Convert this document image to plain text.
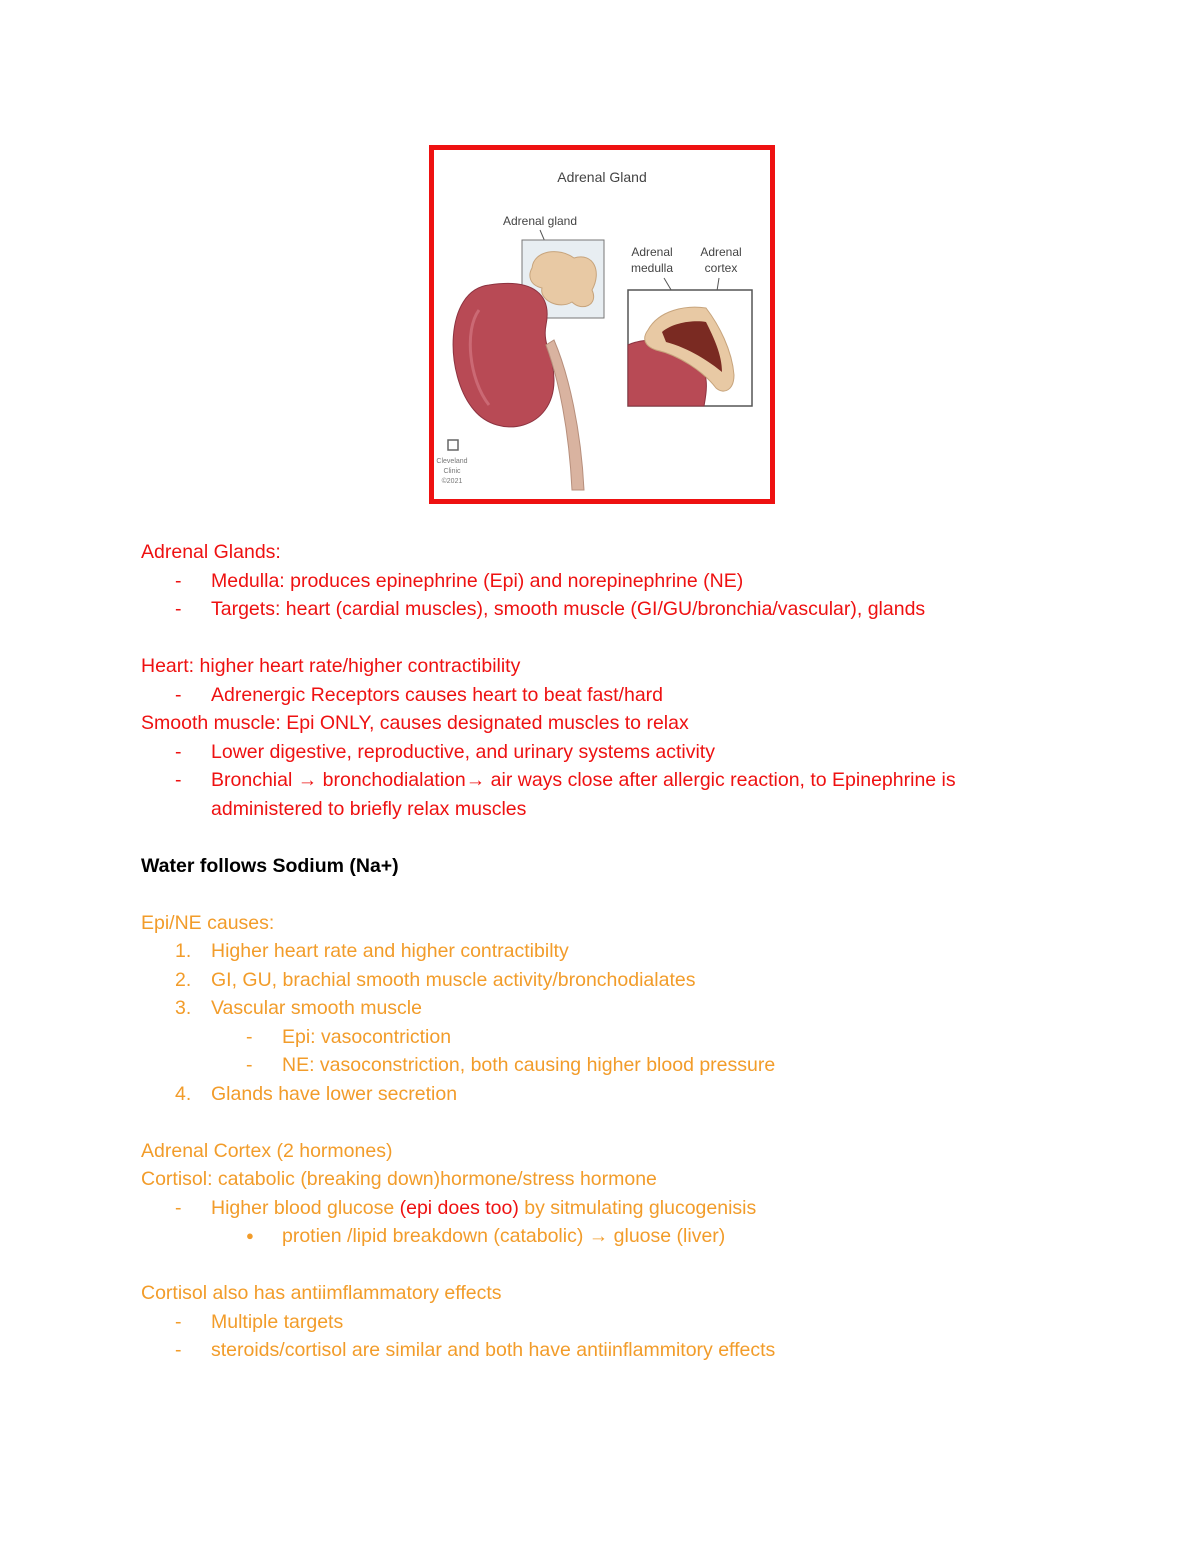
Adrenal Gland
Adrenal gland
Adrenal
medulla
Adrenal
cortex
Cleveland
Clinic
©2021
Adrenal Glands:
- Medulla: produces epinephrine (Epi) and norepinephrine (NE)
- Targets: heart (cardial muscles), smooth muscle (GI/GU/bronchia/vascular), glands
Heart: higher heart rate/higher contractibility
- Adrenergic Receptors causes heart to beat fast/hard
Smooth muscle: Epi ONLY, causes designated muscles to relax
- Lower digestive, reproductive, and urinary systems activity
- Bronchial → bronchodialation→ air ways close after allergic reaction, to Epinephrine is
administered to briefly relax muscles
Water follows Sodium (Na+)
Epi/NE causes:
1. Higher heart rate and higher contractibilty
2. GI, GU, brachial smooth muscle activity/bronchodialates
3. Vascular smooth muscle
- Epi: vasocontriction
- NE: vasoconstriction, both causing higher blood pressure
4. Glands have lower secretion
Adrenal Cortex (2 hormones)
Cortisol: catabolic (breaking down)hormone/stress hormone
- Higher blood glucose (epi does too) by sitmulating glucogenisis
● protien /lipid breakdown (catabolic) → gluose (liver)
Cortisol also has antiimflammatory effects
- Multiple targets
- steroids/cortisol are similar and both have antiinflammitory effects
